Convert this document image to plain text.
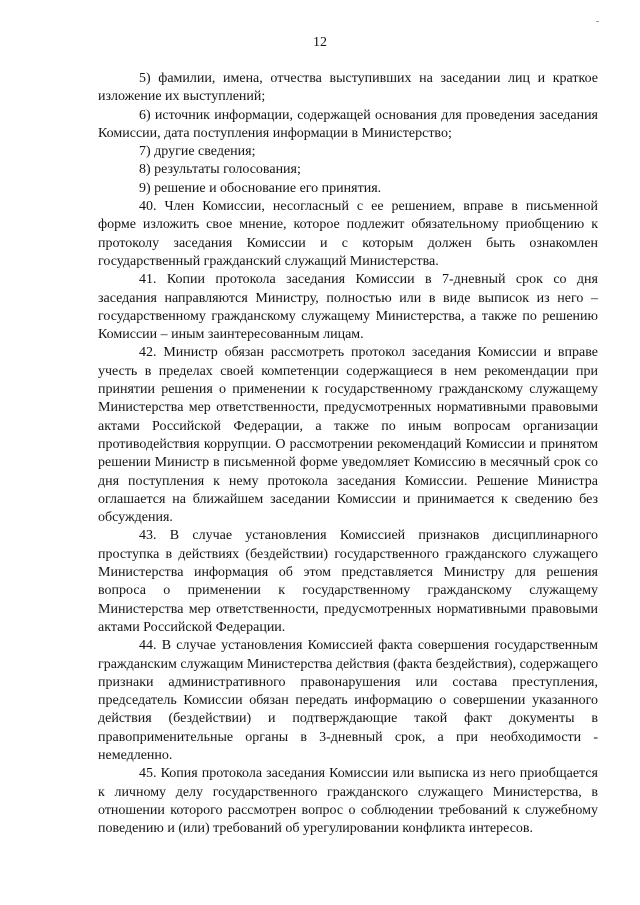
12

5) фамилии, имена, отчества выступивших на заседании лиц и краткое изложение их выступлений;

6) источник информации, содержащей основания для проведения заседания Комиссии, дата поступления информации в Министерство;

7) другие сведения;

8) результаты голосования;

9) решение и обоснование его принятия.

40. Член Комиссии, несогласный с ее решением, вправе в письменной форме изложить свое мнение, которое подлежит обязательному приобщению к протоколу заседания Комиссии и с которым должен быть ознакомлен государственный гражданский служащий Министерства.

41. Копии протокола заседания Комиссии в 7-дневный срок со дня заседания направляются Министру, полностью или в виде выписок из него – государственному гражданскому служащему Министерства, а также по решению Комиссии – иным заинтересованным лицам.

42. Министр обязан рассмотреть протокол заседания Комиссии и вправе учесть в пределах своей компетенции содержащиеся в нем рекомендации при принятии решения о применении к государственному гражданскому служащему Министерства мер ответственности, предусмотренных нормативными правовыми актами Российской Федерации, а также по иным вопросам организации противодействия коррупции. О рассмотрении рекомендаций Комиссии и принятом решении Министр в письменной форме уведомляет Комиссию в месячный срок со дня поступления к нему протокола заседания Комиссии. Решение Министра оглашается на ближайшем заседании Комиссии и принимается к сведению без обсуждения.

43. В случае установления Комиссией признаков дисциплинарного проступка в действиях (бездействии) государственного гражданского служащего Министерства информация об этом представляется Министру для решения вопроса о применении к государственному гражданскому служащему Министерства мер ответственности, предусмотренных нормативными правовыми актами Российской Федерации.

44. В случае установления Комиссией факта совершения государственным гражданским служащим Министерства действия (факта бездействия), содержащего признаки административного правонарушения или состава преступления, председатель Комиссии обязан передать информацию о совершении указанного действия (бездействии) и подтверждающие такой факт документы в правоприменительные органы в 3-дневный срок, а при необходимости - немедленно.

45. Копия протокола заседания Комиссии или выписка из него приобщается к личному делу государственного гражданского служащего Министерства, в отношении которого рассмотрен вопрос о соблюдении требований к служебному поведению и (или) требований об урегулировании конфликта интересов.
